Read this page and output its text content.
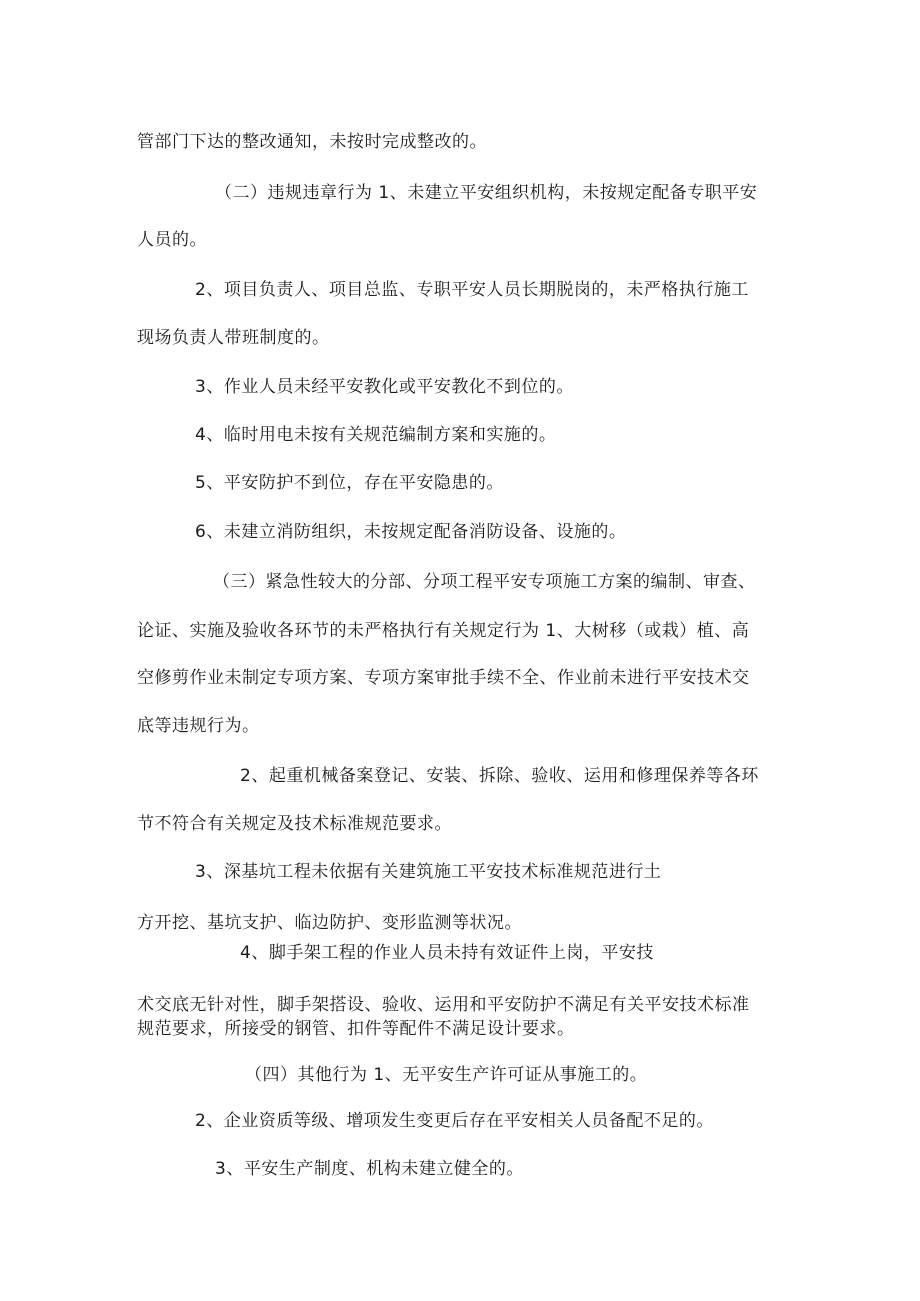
管部门下达的整改通知，未按时完成整改的。
（二）违规违章行为 1、未建立平安组织机构，未按规定配备专职平安
人员的。
2、项目负责人、项目总监、专职平安人员长期脱岗的，未严格执行施工
现场负责人带班制度的。
3、作业人员未经平安教化或平安教化不到位的。
4、临时用电未按有关规范编制方案和实施的。
5、平安防护不到位，存在平安隐患的。
6、未建立消防组织，未按规定配备消防设备、设施的。
（三）紧急性较大的分部、分项工程平安专项施工方案的编制、审查、
论证、实施及验收各环节的未严格执行有关规定行为 1、大树移（或栽）植、高
空修剪作业未制定专项方案、专项方案审批手续不全、作业前未进行平安技术交
底等违规行为。
2、起重机械备案登记、安装、拆除、验收、运用和修理保养等各环
节不符合有关规定及技术标准规范要求。
3、深基坑工程未依据有关建筑施工平安技术标准规范进行土
方开挖、基坑支护、临边防护、变形监测等状况。
4、脚手架工程的作业人员未持有效证件上岗，平安技
术交底无针对性，脚手架搭设、验收、运用和平安防护不满足有关平安技术标准
规范要求，所接受的钢管、扣件等配件不满足设计要求。
（四）其他行为 1、无平安生产许可证从事施工的。
2、企业资质等级、增项发生变更后存在平安相关人员备配不足的。
3、平安生产制度、机构未建立健全的。
